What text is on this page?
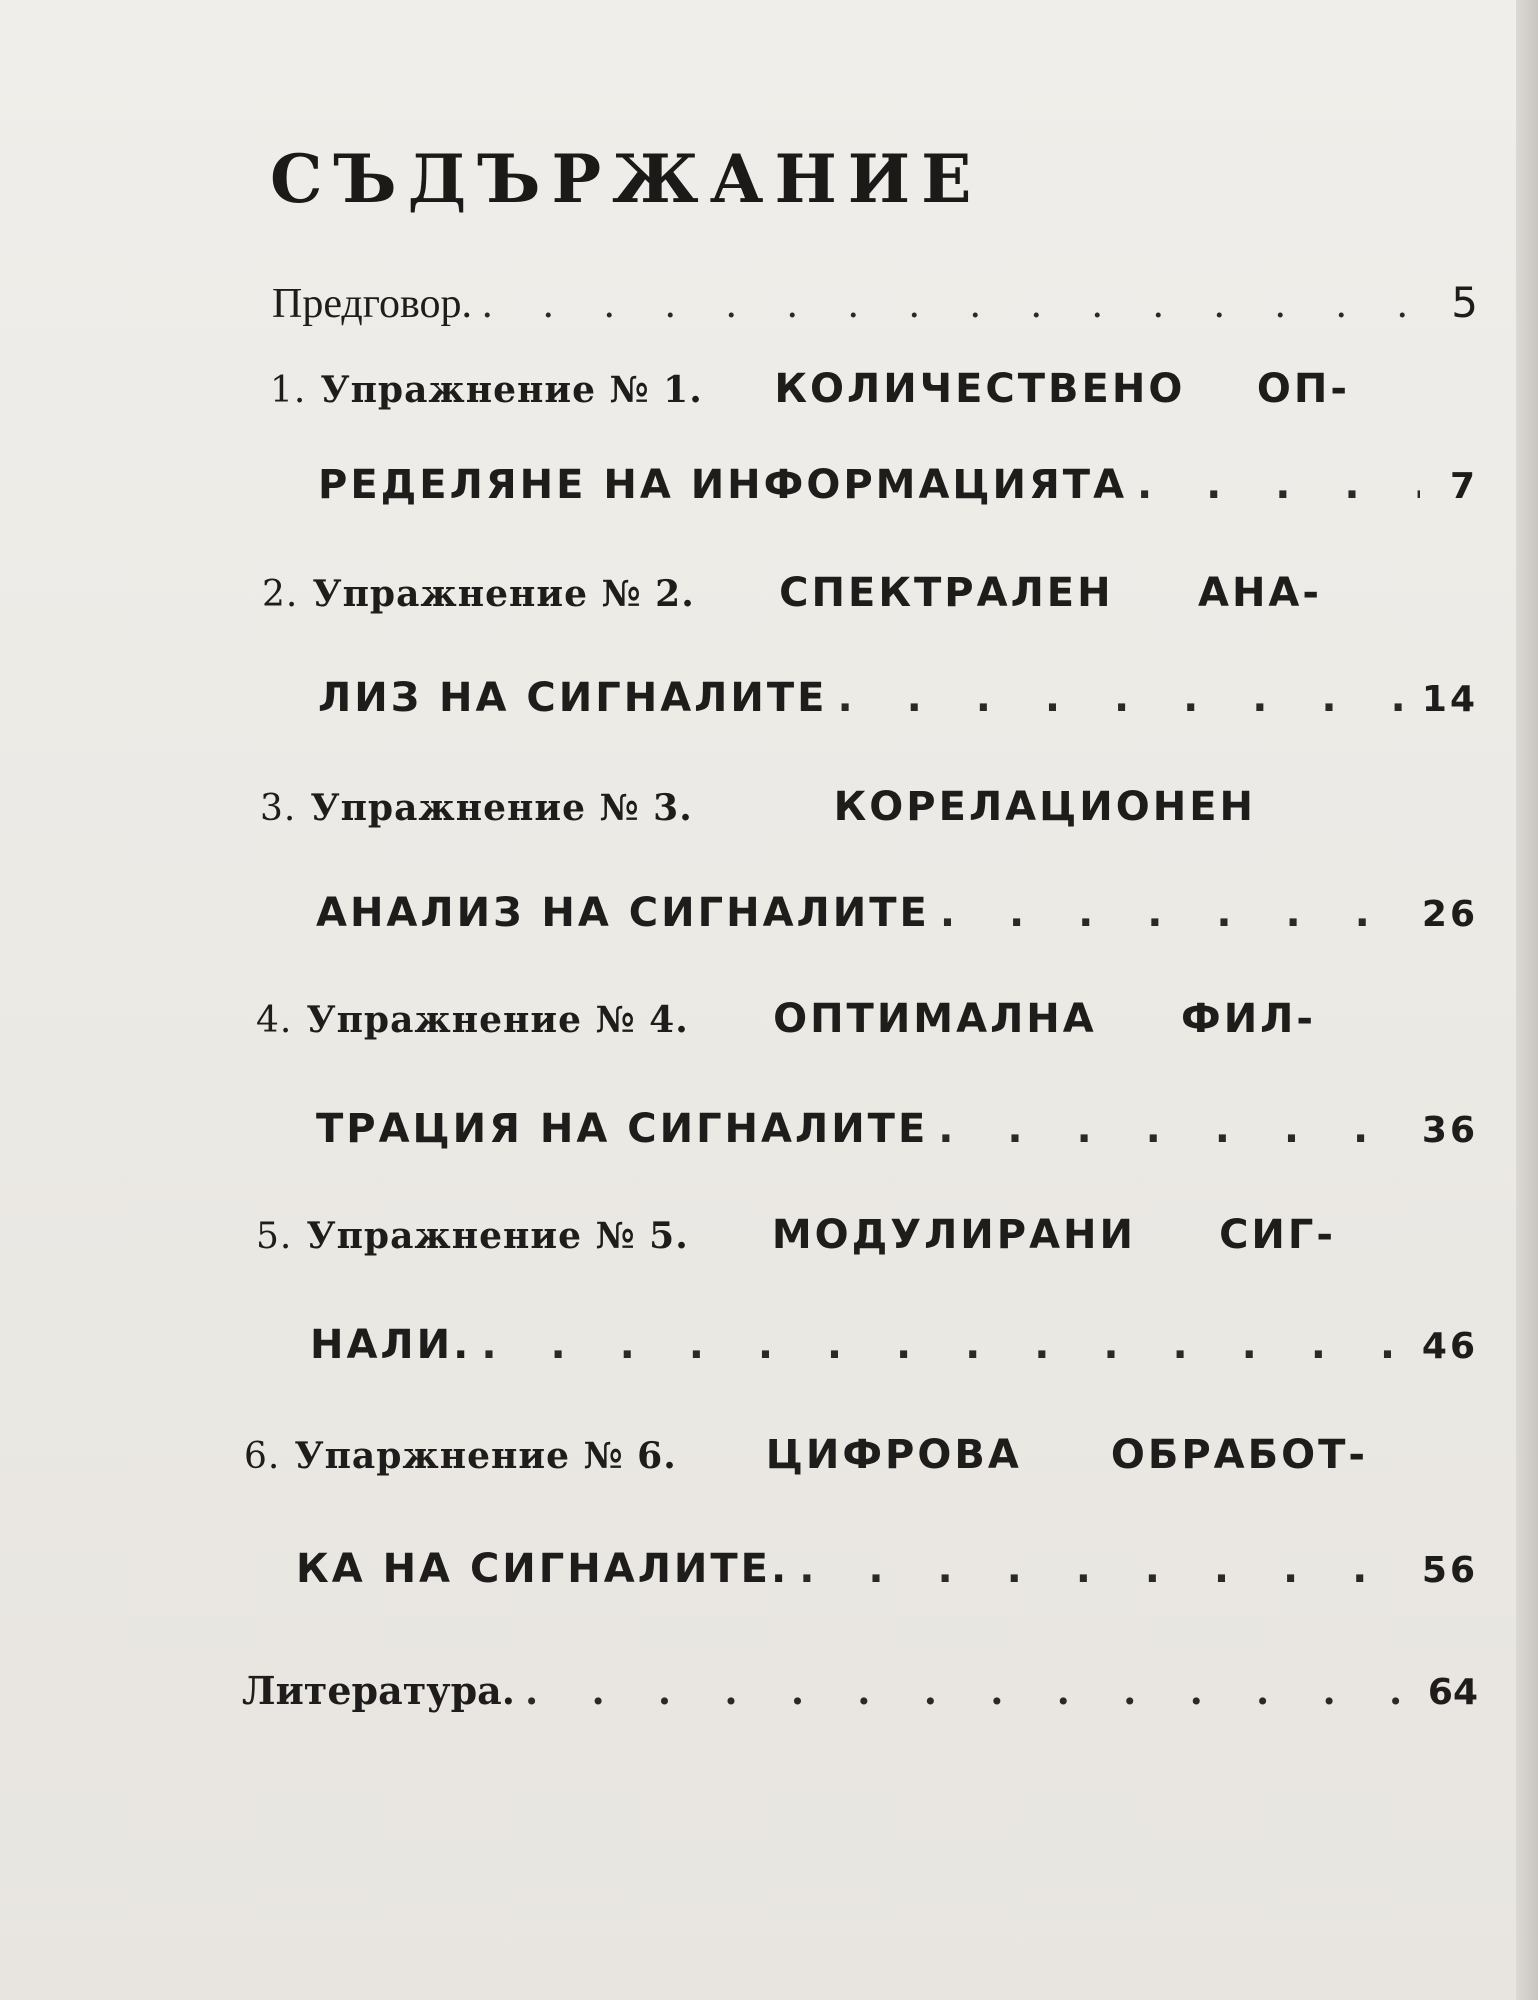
СЪДЪРЖАНИЕ
Предговор. . . .	5
1. Упражнение № 1. КОЛИЧЕСТВЕНО ОП-
РЕДЕЛЯНЕ НА ИНФОРМАЦИЯТА . . .	7
2. Упражнение № 2. СПЕКТРАЛЕН АНА-
ЛИЗ НА СИГНАЛИТЕ . . .	14
3. Упражнение № 3.	КОРЕЛАЦИОНЕН
АНАЛИЗ НА СИГНАЛИТЕ . . .	26
4. Упражнение № 4. ОПТИМАЛНА ФИЛ-
ТРАЦИЯ НА СИГНАЛИТЕ . . .	36
5. Упражнение № 5. МОДУЛИРАНИ СИГ-
НАЛИ. . . .	46
6. Упаржнение № 6. ЦИФРОВА ОБРАБОТ-
КА НА СИГНАЛИТЕ. . . .	56
Литература. . . .	64
